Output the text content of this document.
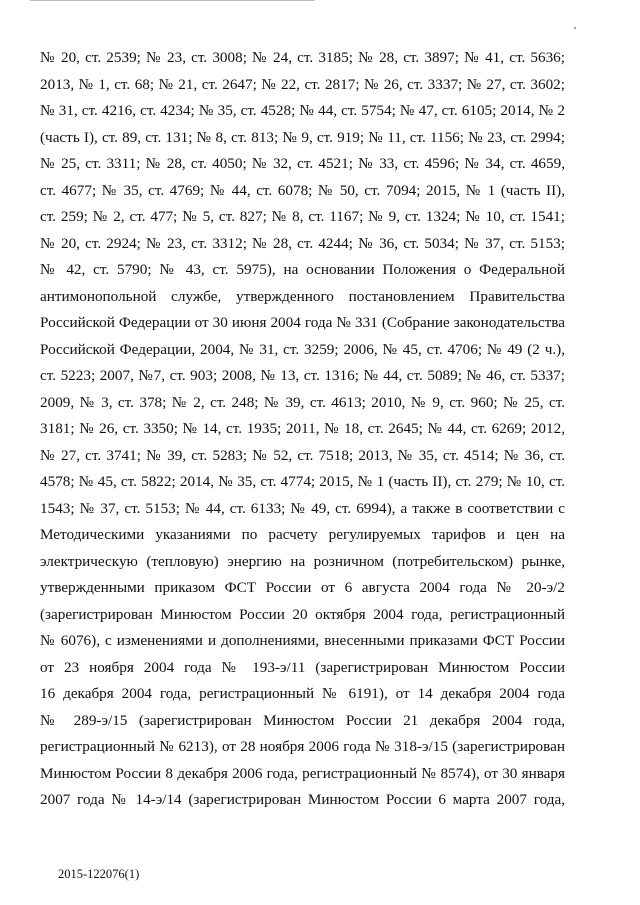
№ 20, ст. 2539; № 23, ст. 3008; № 24, ст. 3185; № 28, ст. 3897; № 41, ст. 5636;
2013, № 1, ст. 68; № 21, ст. 2647; № 22, ст. 2817; № 26, ст. 3337; № 27, ст. 3602;
№ 31, ст. 4216, ст. 4234; № 35, ст. 4528; № 44, ст. 5754; № 47, ст. 6105; 2014, № 2
(часть I), ст. 89, ст. 131; № 8, ст. 813; № 9, ст. 919; № 11, ст. 1156; № 23, ст. 2994;
№ 25, ст. 3311; № 28, ст. 4050; № 32, ст. 4521; № 33, ст. 4596; № 34, ст. 4659,
ст. 4677; № 35, ст. 4769; № 44, ст. 6078; № 50, ст. 7094; 2015, № 1 (часть II),
ст. 259; № 2, ст. 477; № 5, ст. 827; № 8, ст. 1167; № 9, ст. 1324; № 10, ст. 1541;
№ 20, ст. 2924; № 23, ст. 3312; № 28, ст. 4244; № 36, ст. 5034; № 37, ст. 5153;
№ 42, ст. 5790; № 43, ст. 5975), на основании Положения о Федеральной
антимонопольной службе, утвержденного постановлением Правительства
Российской Федерации от 30 июня 2004 года № 331 (Собрание законодательства
Российской Федерации, 2004, № 31, ст. 3259; 2006, № 45, ст. 4706; № 49 (2 ч.),
ст. 5223; 2007, №7, ст. 903; 2008, № 13, ст. 1316; № 44, ст. 5089; № 46, ст. 5337;
2009, № 3, ст. 378; № 2, ст. 248; № 39, ст. 4613; 2010, № 9, ст. 960; № 25, ст.
3181; № 26, ст. 3350; № 14, ст. 1935; 2011, № 18, ст. 2645; № 44, ст. 6269; 2012,
№ 27, ст. 3741; № 39, ст. 5283; № 52, ст. 7518; 2013, № 35, ст. 4514; № 36, ст.
4578; № 45, ст. 5822; 2014, № 35, ст. 4774; 2015, № 1 (часть II), ст. 279; № 10, ст.
1543; № 37, ст. 5153; № 44, ст. 6133; № 49, ст. 6994), а также в соответствии с
Методическими указаниями по расчету регулируемых тарифов и цен на
электрическую (тепловую) энергию на розничном (потребительском) рынке,
утвержденными приказом ФСТ России от 6 августа 2004 года № 20-э/2
(зарегистрирован Минюстом России 20 октября 2004 года, регистрационный
№ 6076), с изменениями и дополнениями, внесенными приказами ФСТ России
от 23 ноября 2004 года № 193-э/11 (зарегистрирован Минюстом России
16 декабря 2004 года, регистрационный № 6191), от 14 декабря 2004 года
№ 289-э/15 (зарегистрирован Минюстом России 21 декабря 2004 года,
регистрационный № 6213), от 28 ноября 2006 года № 318-э/15 (зарегистрирован
Минюстом России 8 декабря 2006 года, регистрационный № 8574), от 30 января
2007 года № 14-э/14 (зарегистрирован Минюстом России 6 марта 2007 года,
2015-122076(1)
